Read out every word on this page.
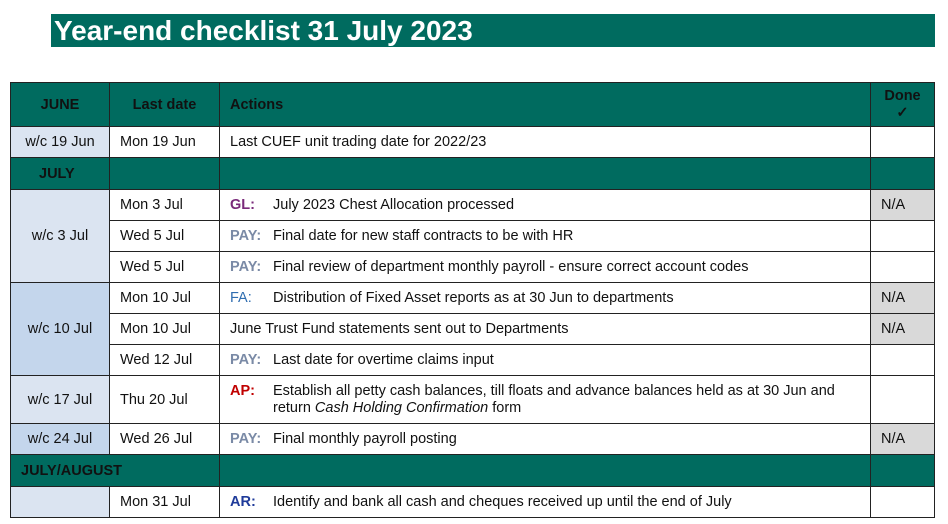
Year-end checklist 31 July 2023
JUNE	Last date	Actions	Done
✓

w/c 19 Jun	Mon 19 Jun	Last CUEF unit trading date for 2022/23	
JULY			
w/c 3 Jul	Mon 3 Jul	GL: July 2023 Chest Allocation processed	N/A
	Wed 5 Jul	PAY: Final date for new staff contracts to be with HR	
	Wed 5 Jul	PAY: Final review of department monthly payroll - ensure correct account codes	
w/c 10 Jul	Mon 10 Jul	FA: Distribution of Fixed Asset reports as at 30 Jun to departments	N/A
	Mon 10 Jul	June Trust Fund statements sent out to Departments	N/A
	Wed 12 Jul	PAY: Last date for overtime claims input	
w/c 17 Jul	Thu 20 Jul	AP: Establish all petty cash balances, till floats and advance balances held as at 30 Jun and return Cash Holding Confirmation form	

w/c 24 Jul	Wed 26 Jul	PAY: Final monthly payroll posting	N/A
JULY/AUGUST			
	Mon 31 Jul	AR: Identify and bank all cash and cheques received up until the end of July	
